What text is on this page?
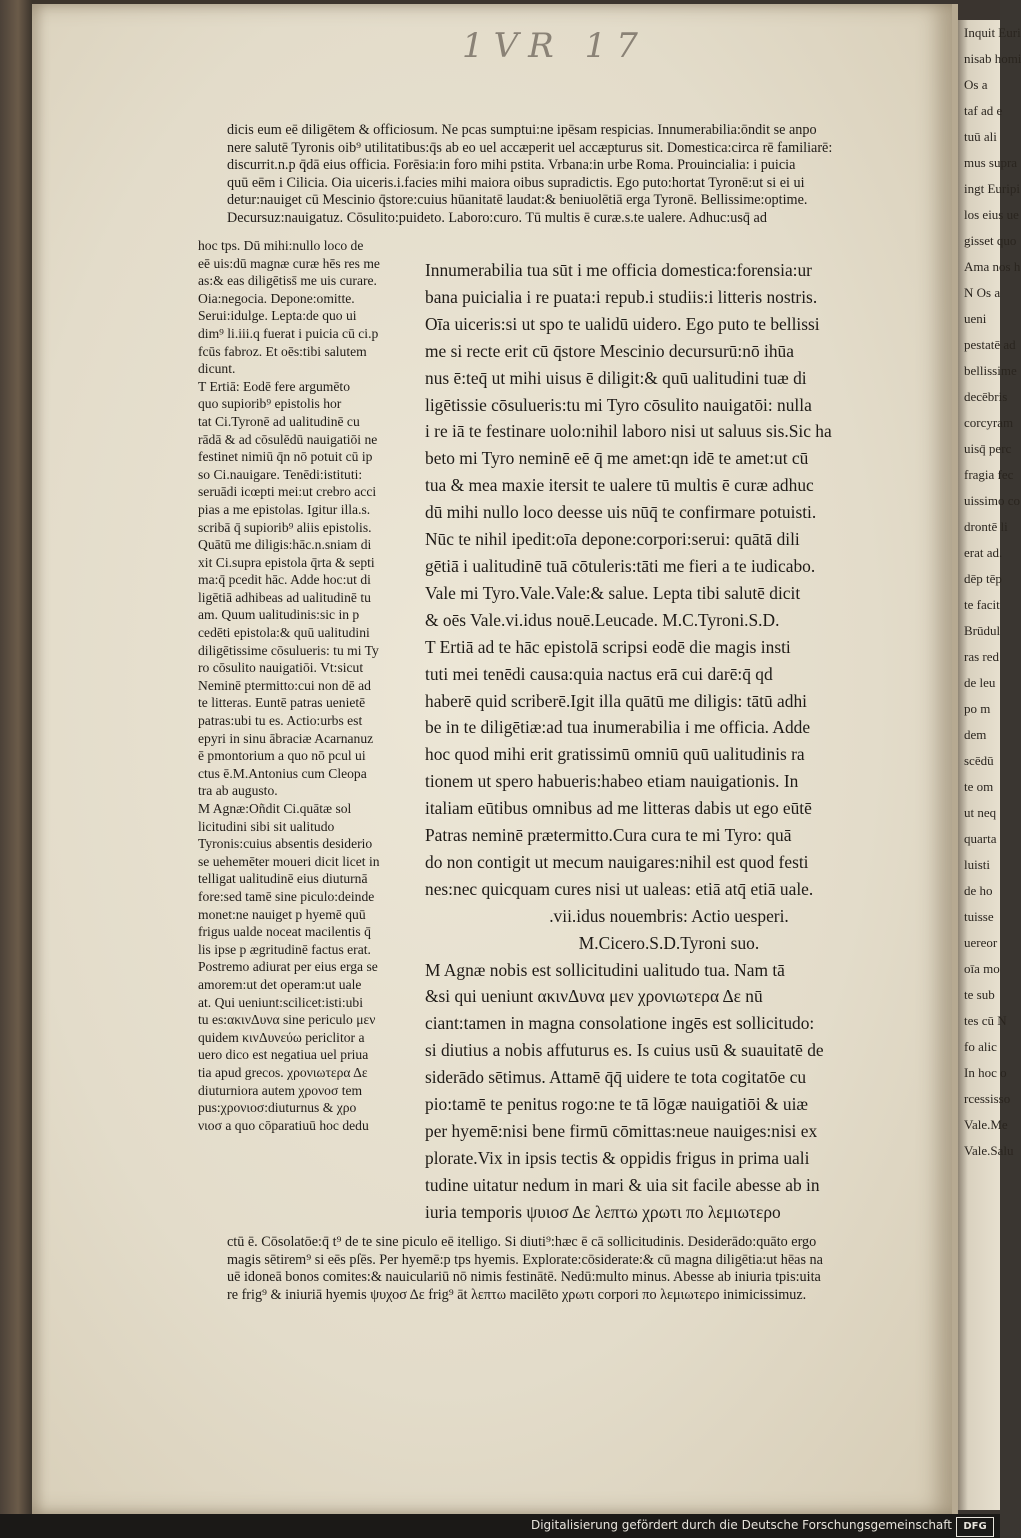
1VR 17
dicis eum eē diligētem & officiosum. Ne pcas sumptui:ne ipēsam respicias. Innumerabilia:ōndit se anpo
nere salutē Tyronis oib⁹ utilitatibus:q̄s ab eo uel accæperit uel accæpturus sit. Domestica:circa rē familiarē:
discurrit.n.p q̄dā eius officia. Forēsia:in foro mihi pstita. Vrbana:in urbe Roma. Prouincialia: i puicia
quū eēm i Cilicia. Oia uiceris.i.facies mihi maiora oibus supradictis. Ego puto:hortat Tyronē:ut si ei ui
detur:nauiget cū Mescinio q̄store:cuius hūanitatē laudat:& beniuolētiā erga Tyronē. Bellissime:optime.
Decursuz:nauigatuz. Cōsulito:puideto. Laboro:curo. Tū multis ē curæ.s.te ualere. Adhuc:usq̄ ad
hoc tps. Dū mihi:nullo loco de
eē uis:dū magnæ curæ hēs res me
as:& eas diligētiss̄ me uis curare.
Oia:negocia. Depone:omitte.
Serui:idulge. Lepta:de quo ui
dim⁹ li.iii.q fuerat i puicia cū ci.p
fcūs fabroz. Et oēs:tibi salutem
dicunt.
T Ertiā: Eodē fere argumēto
quo supiorib⁹ epistolis hor
tat Ci.Tyronē ad ualitudinē cu
rādā & ad cōsulēdū nauigatiōi ne
festinet nimiū q̄n nō potuit cū ip
so Ci.nauigare. Tenēdi:istituti:
seruādi icœpti mei:ut crebro acci
pias a me epistolas. Igitur illa.s.
scribā q̄ supiorib⁹ aliis epistolis.
Quātū me diligis:hāc.n.sniam di
xit Ci.supra epistola q̄rta & septi
ma:q̄ pcedit hāc. Adde hoc:ut di
ligētiā adhibeas ad ualitudinē tu
am. Quum ualitudinis:sic in p
cedēti epistola:& quū ualitudini
diligētissime cōsulueris: tu mi Ty
ro cōsulito nauigatiōi. Vt:sicut
Neminē ptermitto:cui non dē ad
te litteras. Euntē patras uenietē
patras:ubi tu es. Actio:urbs est
epyri in sinu ābraciæ Acarnanuz
ē pmontorium a quo nō pcul ui
ctus ē.M.Antonius cum Cleopa
tra ab augusto.
M Agnæ:Oñdit Ci.quātæ sol
licitudini sibi sit ualitudo
Tyronis:cuius absentis desiderio
se uehemēter moueri dicit licet in
telligat ualitudinē eius diuturnā
fore:sed tamē sine piculo:deinde
monet:ne nauiget p hyemē quū
frigus ualde noceat macilentis q̄
lis ipse p ægritudinē factus erat.
Postremo adiurat per eius erga se
amorem:ut det operam:ut uale
at. Qui ueniunt:scilicet:isti:ubi
tu es:ακινΔυνα sine periculo μεν
quidem κινΔυνεύω periclitor a
uero dico est negatiua uel priua
tia apud grecos. χρονιωτερα Δε
diuturniora autem χρονοσ tem
pus:χρονιοσ:diuturnus & χρο
νιοσ a quo cōparatiuū hoc dedu
Innumerabilia tua sūt i me officia domestica:forensia:ur
bana puicialia i re puata:i repub.i studiis:i litteris nostris.
Oīa uiceris:si ut spo te ualidū uidero. Ego puto te bellissi
me si recte erit cū q̄store Mescinio decursurū:nō ihūa
nus ē:teq̄ ut mihi uisus ē diligit:& quū ualitudini tuæ di
ligētissie cōsulueris:tu mi Tyro cōsulito nauigatōi: nulla
i re iā te festinare uolo:nihil laboro nisi ut saluus sis.Sic ha
beto mi Tyro neminē eē q̄ me amet:qn idē te amet:ut cū
tua & mea maxie itersit te ualere tū multis ē curæ adhuc
dū mihi nullo loco deesse uis nūq̄ te confirmare potuisti.
Nūc te nihil ipedit:oīa depone:corpori:serui: quātā dili
gētiā i ualitudinē tuā cōtuleris:tāti me fieri a te iudicabo.
Vale mi Tyro.Vale.Vale:& salue. Lepta tibi salutē dicit
& oēs Vale.vi.idus nouē.Leucade. M.C.Tyroni.S.D.
T Ertiā ad te hāc epistolā scripsi eodē die magis insti
tuti mei tenēdi causa:quia nactus erā cui darē:q̄ qd
haberē quid scriberē.Igit illa quātū me diligis: tātū adhi
be in te diligētiæ:ad tua inumerabilia i me officia. Adde
hoc quod mihi erit gratissimū omniū quū ualitudinis ra
tionem ut spero habueris:habeo etiam nauigationis. In
italiam eūtibus omnibus ad me litteras dabis ut ego eūtē
Patras neminē prætermitto.Cura cura te mi Tyro: quā
do non contigit ut mecum nauigares:nihil est quod festi
nes:nec quicquam cures nisi ut ualeas: etiā atq̄ etiā uale.
.vii.idus nouembris: Actio uesperi.
M.Cicero.S.D.Tyroni suo.
M Agnæ nobis est sollicitudini ualitudo tua. Nam tā
&si qui ueniunt ακινΔυνα μεν χρονιωτερα Δε nū
ciant:tamen in magna consolatione ingēs est sollicitudo:
si diutius a nobis affuturus es. Is cuius usū & suauitatē de
siderādo sētimus. Attamē q̄q̄ uidere te tota cogitatōe cu
pio:tamē te penitus rogo:ne te tā lōgæ nauigatiōi & uiæ
per hyemē:nisi bene firmū cōmittas:neue nauiges:nisi ex
plorate.Vix in ipsis tectis & oppidis frigus in prima uali
tudine uitatur nedum in mari & uia sit facile abesse ab in
iuria temporis ψυιοσ Δε λεπτω χρωτι πο λεμιωτερο
ctū ē. Cōsolatōe:q̄ t⁹ de te sine piculo eē itelligo. Si diuti⁹:hæc ē cā sollicitudinis. Desiderādo:quāto ergo
magis sētirem⁹ si eēs pſēs. Per hyemē:p tps hyemis. Explorate:cōsiderate:& cū magna diligētia:ut hēas na
uē idoneā bonos comites:& nauiculariū nō nimis festinātē. Nedū:multo minus. Abesse ab iniuria tpis:uita
re frig⁹ & iniuriā hyemis ψυχοσ Δε frig⁹ āt λεπτω macilēto χρωτι corpori πο λεμιωτερο inimicissimuz.
Inquit Euri
nisab homi
Os a
taf ad e
tuū ali
mus supra
ingt Euripi
los eius ue
gisset quo
Ama nos h
N Os a
ueni
pestatē ad
bellissime
decēbris
corcyram
uisq̄ perc
fragia fec
uissimo co
drontē li
erat ad.
dēp tēp
te facit
Brūdul
ras red
de leu
po m
dem
scēdū
te om
ut neq
quarta
luisti
de ho
tuisse
uereor
oīa mo
te sub
tes cū N
fo alic
In hoc o
rcessisso
Vale.Me
Vale.Salu
Digitalisierung gefördert durch die Deutsche Forschungsgemeinschaft	DFG
